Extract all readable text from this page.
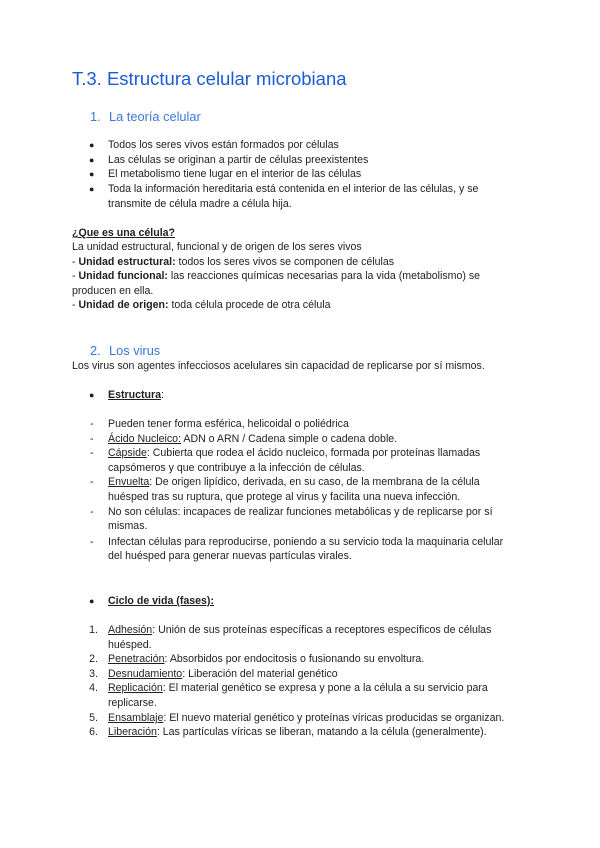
T.3. Estructura celular microbiana
1. La teoría celular
● Todos los seres vivos están formados por células
● Las células se originan a partir de células preexistentes
● El metabolismo tiene lugar en el interior de las células
● Toda la información hereditaria está contenida en el interior de las células, y se
transmite de célula madre a célula hija.
¿Que es una célula?
La unidad estructural, funcional y de origen de los seres vivos
- Unidad estructural: todos los seres vivos se componen de células
- Unidad funcional: las reacciones químicas necesarias para la vida (metabolismo) se
producen en ella.
- Unidad de origen: toda célula procede de otra célula
2. Los virus
Los virus son agentes infecciosos acelulares sin capacidad de replicarse por sí mismos.
● Estructura:
- Pueden tener forma esférica, helicoidal o poliédrica
- Ácido Nucleico: ADN o ARN / Cadena simple o cadena doble.
- Cápside: Cubierta que rodea el ácido nucleico, formada por proteínas llamadas
capsómeros y que contribuye a la infección de células.
- Envuelta: De origen lipídico, derivada, en su caso, de la membrana de la célula
huésped tras su ruptura, que protege al virus y facilita una nueva infección.
- No son células: incapaces de realizar funciones metabólicas y de replicarse por sí
mismas.
- Infectan células para reproducirse, poniendo a su servicio toda la maquinaria celular
del huésped para generar nuevas partículas virales.
● Ciclo de vida (fases):
1. Adhesión: Unión de sus proteínas específicas a receptores específicos de células
huésped.
2. Penetración: Absorbidos por endocitosis o fusionando su envoltura.
3. Desnudamiento: Liberación del material genético
4. Replicación: El material genético se expresa y pone a la célula a su servicio para
replicarse.
5. Ensamblaje: El nuevo material genético y proteínas víricas producidas se organizan.
6. Liberación: Las partículas víricas se liberan, matando a la célula (generalmente).
